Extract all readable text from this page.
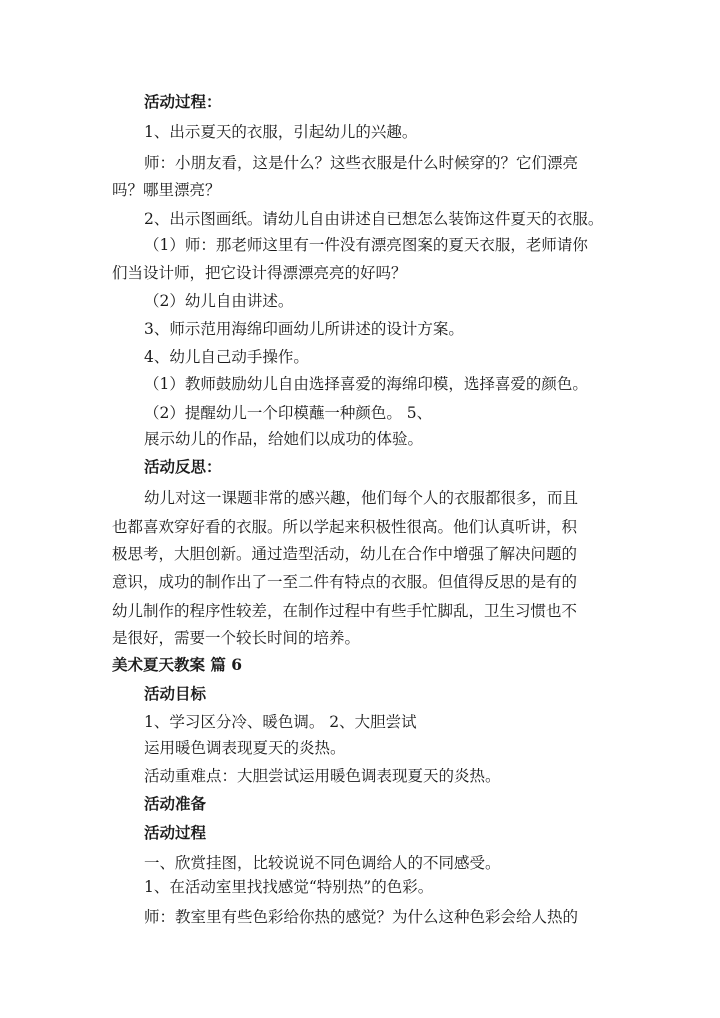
活动过程：

1、出示夏天的衣服，引起幼儿的兴趣。

师：小朋友看，这是什么？这些衣服是什么时候穿的？它们漂亮

吗？哪里漂亮？

2、出示图画纸。请幼儿自由讲述自已想怎么装饰这件夏天的衣服。

（1）师：那老师这里有一件没有漂亮图案的夏天衣服，老师请你

们当设计师，把它设计得漂漂亮亮的好吗？

（2）幼儿自由讲述。

3、师示范用海绵印画幼儿所讲述的设计方案。

4、幼儿自己动手操作。

（1）教师鼓励幼儿自由选择喜爱的海绵印模，选择喜爱的颜色。

（2）提醒幼儿一个印模蘸一种颜色。 5、

展示幼儿的作品，给她们以成功的体验。

活动反思：

幼儿对这一课题非常的感兴趣，他们每个人的衣服都很多，而且

也都喜欢穿好看的衣服。所以学起来积极性很高。他们认真听讲，积

极思考，大胆创新。通过造型活动，幼儿在合作中增强了解决问题的

意识，成功的制作出了一至二件有特点的衣服。但值得反思的是有的

幼儿制作的程序性较差，在制作过程中有些手忙脚乱，卫生习惯也不

是很好，需要一个较长时间的培养。

美术夏天教案 篇 6

活动目标

1、学习区分冷、暖色调。 2、大胆尝试

运用暖色调表现夏天的炎热。

活动重难点：大胆尝试运用暖色调表现夏天的炎热。

活动准备

活动过程

一、欣赏挂图，比较说说不同色调给人的不同感受。

1、在活动室里找找感觉“特别热”的色彩。

师：教室里有些色彩给你热的感觉？为什么这种色彩会给人热的
